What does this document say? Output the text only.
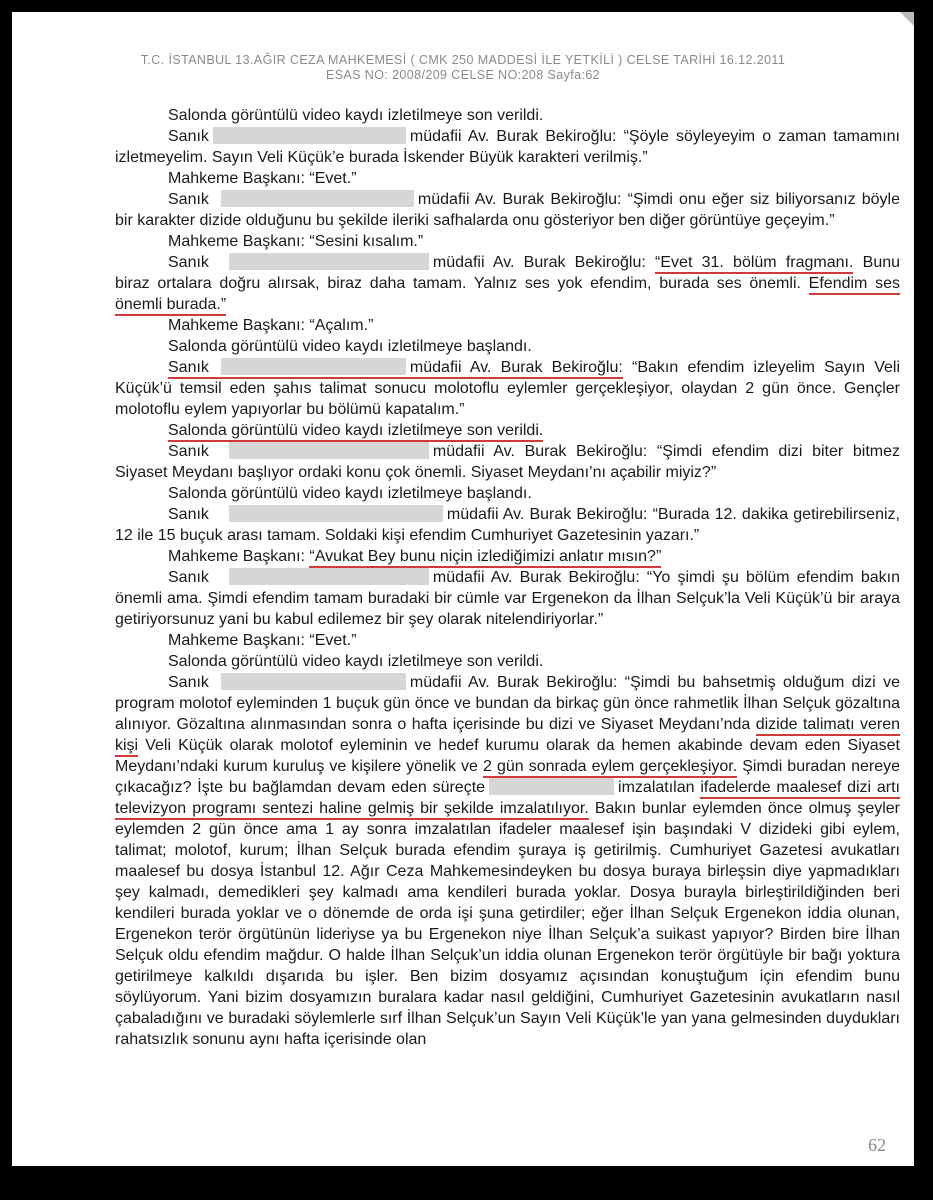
T.C. İSTANBUL 13.AĞIR CEZA MAHKEMESİ ( CMK 250 MADDESİ İLE YETKİLİ ) CELSE TARİHİ 16.12.2011
ESAS NO: 2008/209 CELSE NO:208 Sayfa:62

Salonda görüntülü video kaydı izletilmeye son verildi.

Sanık	müdafii Av. Burak Bekiroğlu: “Şöyle söyleyeyim o zaman tamamını izletmeyelim. Sayın Veli Küçük’e burada İskender Büyük karakteri verilmiş.”

Mahkeme Başkanı: “Evet.”

Sanık	müdafii Av. Burak Bekiroğlu: “Şimdi onu eğer siz biliyorsanız böyle bir karakter dizide olduğunu bu şekilde ileriki safhalarda onu gösteriyor ben diğer görüntüye geçeyim.”

Mahkeme Başkanı: “Sesini kısalım.”

Sanık	müdafii Av. Burak Bekiroğlu: “Evet 31. bölüm fragmanı. Bunu biraz ortalara doğru alırsak, biraz daha tamam. Yalnız ses yok efendim, burada ses önemli. Efendim ses önemli burada.”

Mahkeme Başkanı: “Açalım.”

Salonda görüntülü video kaydı izletilmeye başlandı.

Sanık	müdafii Av. Burak Bekiroğlu: “Bakın efendim izleyelim Sayın Veli Küçük’ü temsil eden şahıs talimat sonucu molotoflu eylemler gerçekleşiyor, olaydan 2 gün önce. Gençler molotoflu eylem yapıyorlar bu bölümü kapatalım.”

Salonda görüntülü video kaydı izletilmeye son verildi.

Sanık	müdafii Av. Burak Bekiroğlu: “Şimdi efendim dizi biter bitmez Siyaset Meydanı başlıyor ordaki konu çok önemli. Siyaset Meydanı’nı açabilir miyiz?”

Salonda görüntülü video kaydı izletilmeye başlandı.

Sanık	müdafii Av. Burak Bekiroğlu: “Burada 12. dakika getirebilirseniz, 12 ile 15 buçuk arası tamam. Soldaki kişi efendim Cumhuriyet Gazetesinin yazarı.”

Mahkeme Başkanı: “Avukat Bey bunu niçin izlediğimizi anlatır mısın?”

Sanık	müdafii Av. Burak Bekiroğlu: “Yo şimdi şu bölüm efendim bakın önemli ama. Şimdi efendim tamam buradaki bir cümle var Ergenekon da İlhan Selçuk’la Veli Küçük’ü bir araya getiriyorsunuz yani bu kabul edilemez bir şey olarak nitelendiriyorlar.”

Mahkeme Başkanı: “Evet.”

Salonda görüntülü video kaydı izletilmeye son verildi.

Sanık	müdafii Av. Burak Bekiroğlu: “Şimdi bu bahsetmiş olduğum dizi ve program molotof eyleminden 1 buçuk gün önce ve bundan da birkaç gün önce rahmetlik İlhan Selçuk gözaltına alınıyor. Gözaltına alınmasından sonra o hafta içerisinde bu dizi ve Siyaset Meydanı’nda dizide talimatı veren kişi Veli Küçük olarak molotof eyleminin ve hedef kurumu olarak da hemen akabinde devam eden Siyaset Meydanı’ndaki kurum kuruluş ve kişilere yönelik ve 2 gün sonrada eylem gerçekleşiyor. Şimdi buradan nereye çıkacağız? İşte bu bağlamdan devam eden süreçte	imzalatılan ifadelerde maalesef dizi artı televizyon programı sentezi haline gelmiş bir şekilde imzalatılıyor. Bakın bunlar eylemden önce olmuş şeyler eylemden 2 gün önce ama 1 ay sonra imzalatılan ifadeler maalesef işin başındaki V dizideki gibi eylem, talimat; molotof, kurum; İlhan Selçuk burada efendim şuraya iş getirilmiş. Cumhuriyet Gazetesi avukatları maalesef bu dosya İstanbul 12. Ağır Ceza Mahkemesindeyken bu dosya buraya birleşsin diye yapmadıkları şey kalmadı, demedikleri şey kalmadı ama kendileri burada yoklar. Dosya burayla birleştirildiğinden beri kendileri burada yoklar ve o dönemde de orda işi şuna getirdiler; eğer İlhan Selçuk Ergenekon iddia olunan, Ergenekon terör örgütünün lideriyse ya bu Ergenekon niye İlhan Selçuk’a suikast yapıyor? Birden bire İlhan Selçuk oldu efendim mağdur. O halde İlhan Selçuk’un iddia olunan Ergenekon terör örgütüyle bir bağı yoktura getirilmeye kalkıldı dışarıda bu işler. Ben bizim dosyamız açısından konuştuğum için efendim bunu söylüyorum. Yani bizim dosyamızın buralara kadar nasıl geldiğini, Cumhuriyet Gazetesinin avukatların nasıl çabaladığını ve buradaki söylemlerle sırf İlhan Selçuk’un Sayın Veli Küçük’le yan yana gelmesinden duydukları rahatsızlık sonunu aynı hafta içerisinde olan

62
